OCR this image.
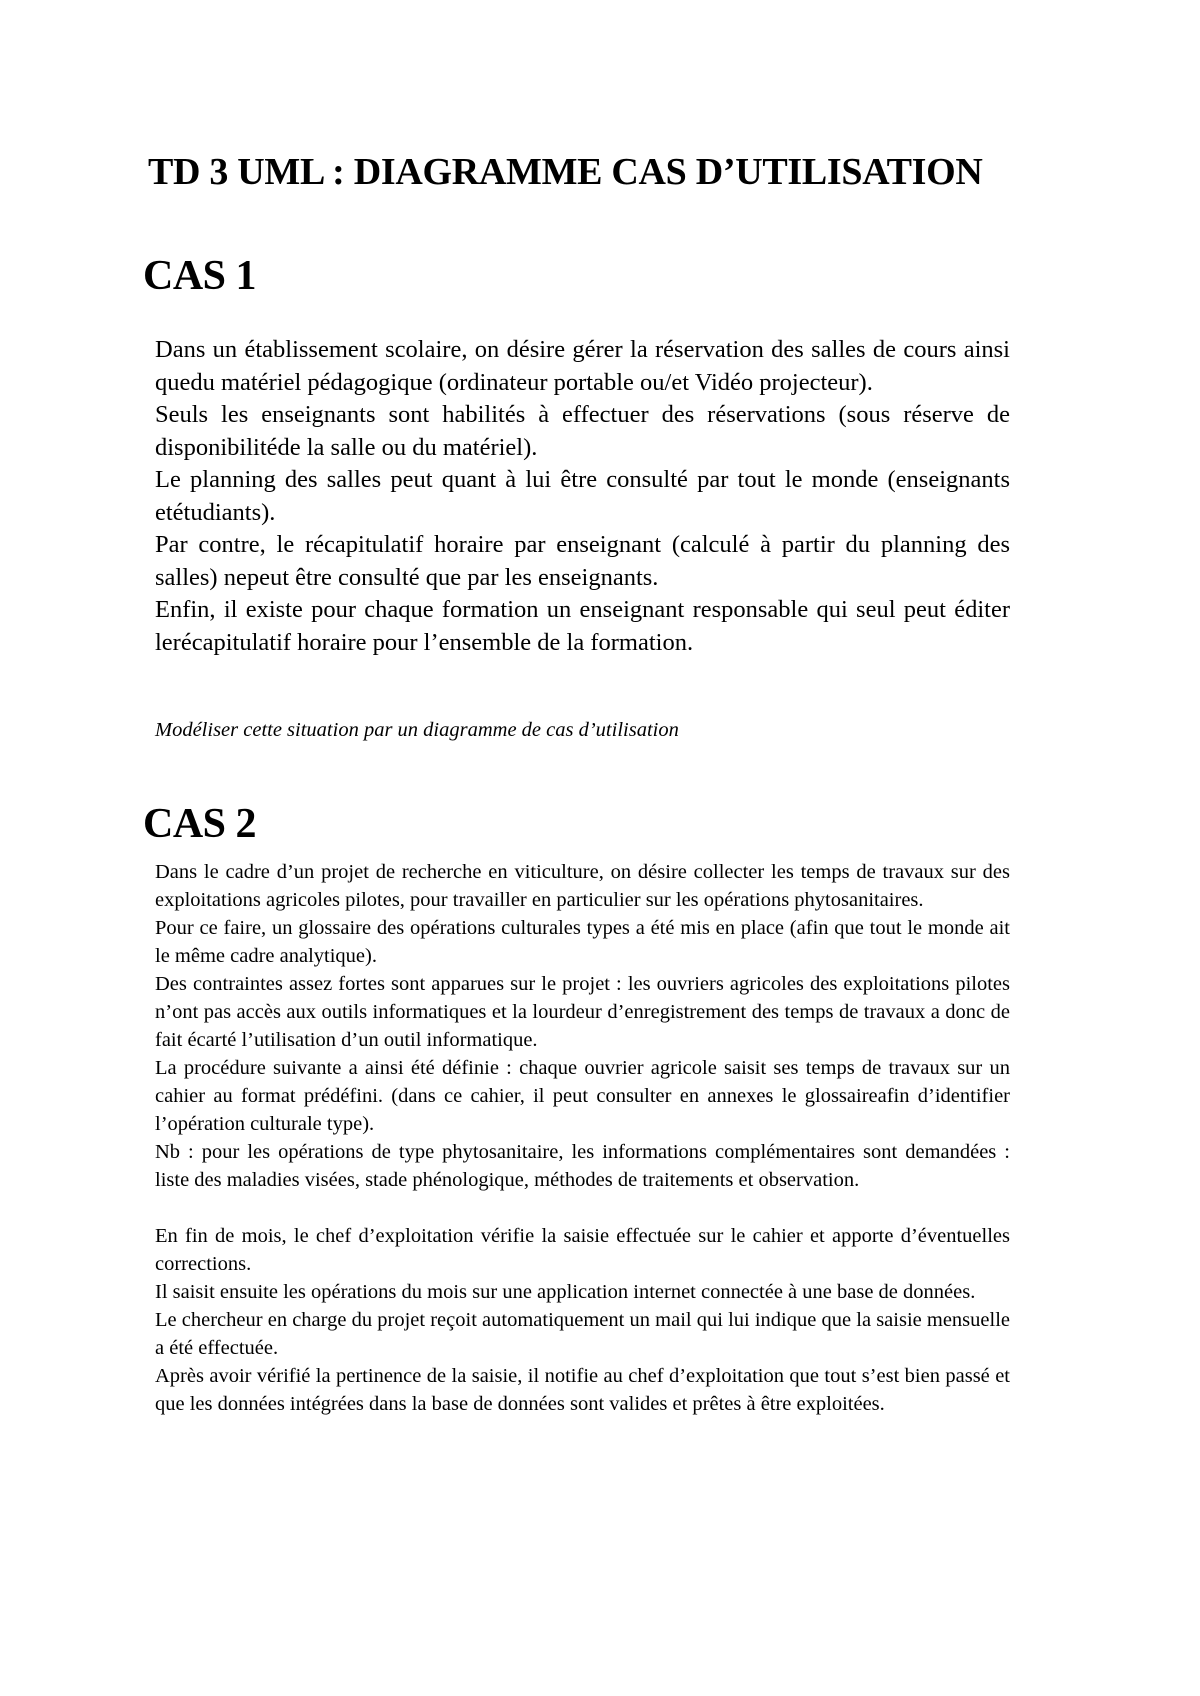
TD 3 UML : DIAGRAMME CAS D’UTILISATION
CAS 1

Dans un établissement scolaire, on désire gérer la réservation des salles de cours ainsi quedu matériel pédagogique (ordinateur portable ou/et Vidéo projecteur).

Seuls les enseignants sont habilités à effectuer des réservations (sous réserve de disponibilitéde la salle ou du matériel).

Le planning des salles peut quant à lui être consulté par tout le monde (enseignants etétudiants).

Par contre, le récapitulatif horaire par enseignant (calculé à partir du planning des salles) nepeut être consulté que par les enseignants.

Enfin, il existe pour chaque formation un enseignant responsable qui seul peut éditer lerécapitulatif horaire pour l’ensemble de la formation.

Modéliser cette situation par un diagramme de cas d’utilisation

CAS 2

Dans le cadre d’un projet de recherche en viticulture, on désire collecter les temps de travaux sur des exploitations agricoles pilotes, pour travailler en particulier sur les opérations phytosanitaires.

Pour ce faire, un glossaire des opérations culturales types a été mis en place (afin que tout le monde ait le même cadre analytique).

Des contraintes assez fortes sont apparues sur le projet : les ouvriers agricoles des exploitations pilotes n’ont pas accès aux outils informatiques et la lourdeur d’enregistrement des temps de travaux a donc de fait écarté l’utilisation d’un outil informatique.

La procédure suivante a ainsi été définie : chaque ouvrier agricole saisit ses temps de travaux sur un cahier au format prédéfini. (dans ce cahier, il peut consulter en annexes le glossaireafin d’identifier l’opération culturale type).

Nb : pour les opérations de type phytosanitaire, les informations complémentaires sont demandées : liste des maladies visées, stade phénologique, méthodes de traitements et observation.

En fin de mois, le chef d’exploitation vérifie la saisie effectuée sur le cahier et apporte d’éventuelles corrections.

Il saisit ensuite les opérations du mois sur une application internet connectée à une base de données.

Le chercheur en charge du projet reçoit automatiquement un mail qui lui indique que la saisie mensuelle a été effectuée.

Après avoir vérifié la pertinence de la saisie, il notifie au chef d’exploitation que tout s’est bien passé et que les données intégrées dans la base de données sont valides et prêtes à être exploitées.
